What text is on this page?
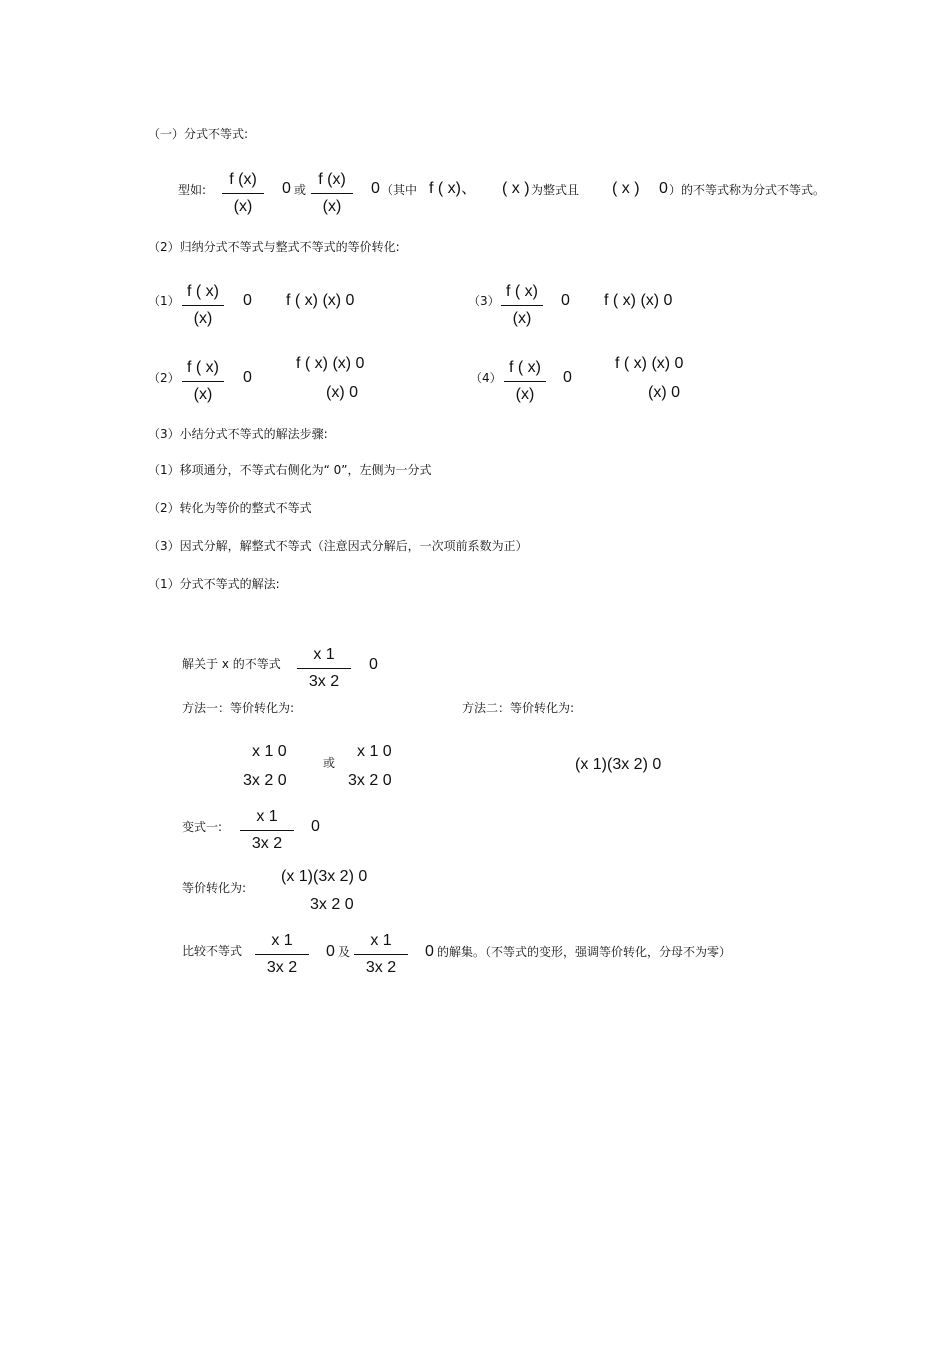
（一）分式不等式:
型如:
f (x)
(x)
0 或
f (x)
(x)
0 （其中 f ( x)、 ( x ) 为整式且 ( x ) 0 ）的不等式称为分式不等式。
（2）归纳分式不等式与整式不等式的等价转化:
（1）
f ( x)
(x)
0 f ( x) (x) 0	（3）
f ( x)
(x)
0 f ( x) (x) 0
（2）
f ( x)
(x)
0
f ( x) (x) 0
(x) 0
（4）
f ( x)
(x)
0
f ( x) (x) 0
(x) 0
（3）小结分式不等式的解法步骤:
（1）移项通分，不等式右侧化为“ 0”，左侧为一分式
（2）转化为等价的整式不等式
（3）因式分解，解整式不等式（注意因式分解后，一次项前系数为正）
（1）分式不等式的解法:
解关于 x 的不等式
x 1
3x 2
0
方法一：等价转化为:	方法二：等价转化为:
x 1 0
3x 2 0
或
x 1 0
3x 2 0
(x 1)(3x 2) 0
变式一:
x 1
3x 2
0
等价转化为:
(x 1)(3x 2) 0
3x 2 0
比较不等式
x 1
3x 2
0 及
x 1
3x 2
0 的解集。（不等式的变形，强调等价转化，分母不为零）
